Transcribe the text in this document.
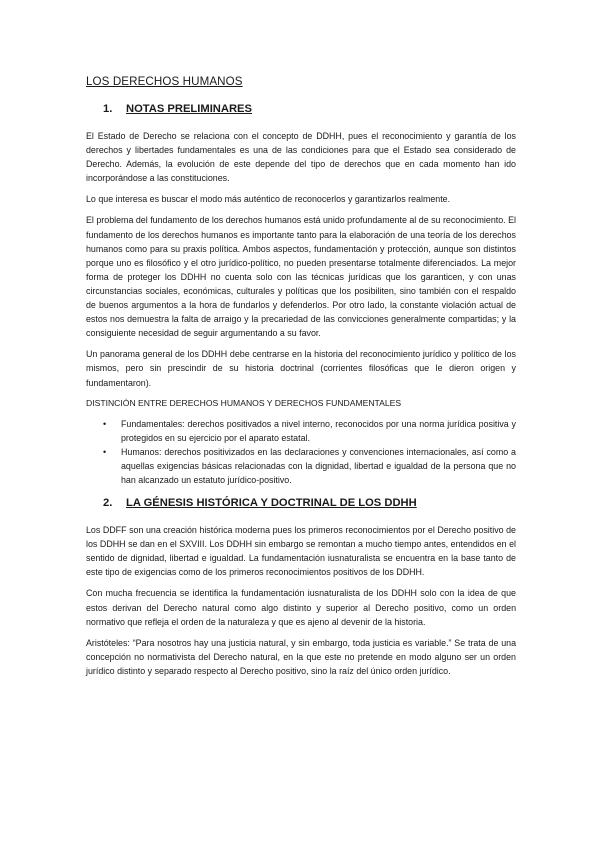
LOS DERECHOS HUMANOS
1.	NOTAS PRELIMINARES

El Estado de Derecho se relaciona con el concepto de DDHH, pues el reconocimiento y garantía de los derechos y libertades fundamentales es una de las condiciones para que el Estado sea considerado de Derecho. Además, la evolución de este depende del tipo de derechos que en cada momento han ido incorporándose a las constituciones.

Lo que interesa es buscar el modo más auténtico de reconocerlos y garantizarlos realmente.

El problema del fundamento de los derechos humanos está unido profundamente al de su reconocimiento. El fundamento de los derechos humanos es importante tanto para la elaboración de una teoría de los derechos humanos como para su praxis política. Ambos aspectos, fundamentación y protección, aunque son distintos porque uno es filosófico y el otro jurídico-político, no pueden presentarse totalmente diferenciados. La mejor forma de proteger los DDHH no cuenta solo con las técnicas jurídicas que los garanticen, y con unas circunstancias sociales, económicas, culturales y políticas que los posibiliten, sino también con el respaldo de buenos argumentos a la hora de fundarlos y defenderlos. Por otro lado, la constante violación actual de estos nos demuestra la falta de arraigo y la precariedad de las convicciones generalmente compartidas; y la consiguiente necesidad de seguir argumentando a su favor.

Un panorama general de los DDHH debe centrarse en la historia del reconocimiento jurídico y político de los mismos, pero sin prescindir de su historia doctrinal (corrientes filosóficas que le dieron origen y fundamentaron).

DISTINCIÓN ENTRE DERECHOS HUMANOS Y DERECHOS FUNDAMENTALES
• Fundamentales: derechos positivados a nivel interno, reconocidos por una norma jurídica positiva y protegidos en su ejercicio por el aparato estatal.
• Humanos: derechos positivizados en las declaraciones y convenciones internacionales, así como a aquellas exigencias básicas relacionadas con la dignidad, libertad e igualdad de la persona que no han alcanzado un estatuto jurídico-positivo.
2.	LA GÉNESIS HISTÓRICA Y DOCTRINAL DE LOS DDHH

Los DDFF son una creación histórica moderna pues los primeros reconocimientos por el Derecho positivo de los DDHH se dan en el SXVIII. Los DDHH sin embargo se remontan a mucho tiempo antes, entendidos en el sentido de dignidad, libertad e igualdad. La fundamentación iusnaturalista se encuentra en la base tanto de este tipo de exigencias como de los primeros reconocimientos positivos de los DDHH.

Con mucha frecuencia se identifica la fundamentación iusnaturalista de los DDHH solo con la idea de que estos derivan del Derecho natural como algo distinto y superior al Derecho positivo, como un orden normativo que refleja el orden de la naturaleza y que es ajeno al devenir de la historia.

Aristóteles: “Para nosotros hay una justicia natural, y sin embargo, toda justicia es variable.” Se trata de una concepción no normativista del Derecho natural, en la que este no pretende en modo alguno ser un orden jurídico distinto y separado respecto al Derecho positivo, sino la raíz del único orden jurídico.
